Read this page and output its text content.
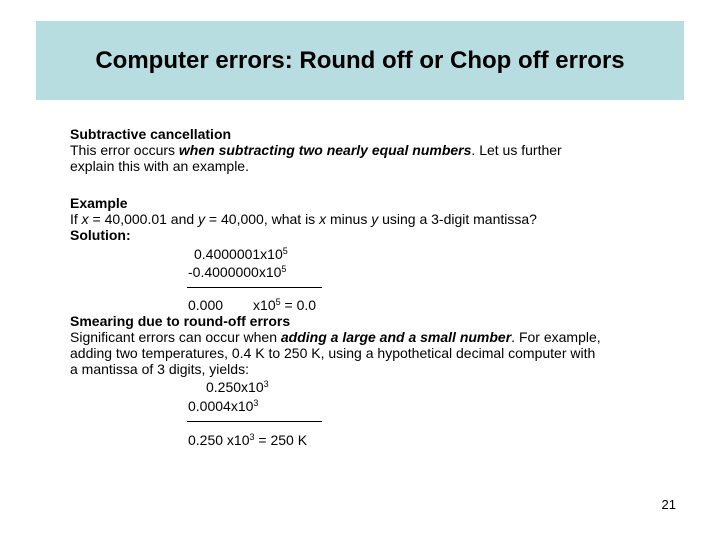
Computer errors: Round off or Chop off errors
Subtractive cancellation
This error occurs when subtracting two nearly equal numbers. Let us further
explain this with an example.
Example
If x = 40,000.01 and y = 40,000, what is x minus y using a 3-digit mantissa?
Solution:
$0.4000001x10^5$
$-0.4000000x10^5$
0.000 $x10^5 = 0.0$
Smearing due to round-off errors
Significant errors can occur when adding a large and a small number. For example,
adding two temperatures, 0.4 K to 250 K, using a hypothetical decimal computer with
a mantissa of 3 digits, yields:
$0.250x10^3$
$0.0004x10^3$
0.250 $x10^3 = 250$ K
21
